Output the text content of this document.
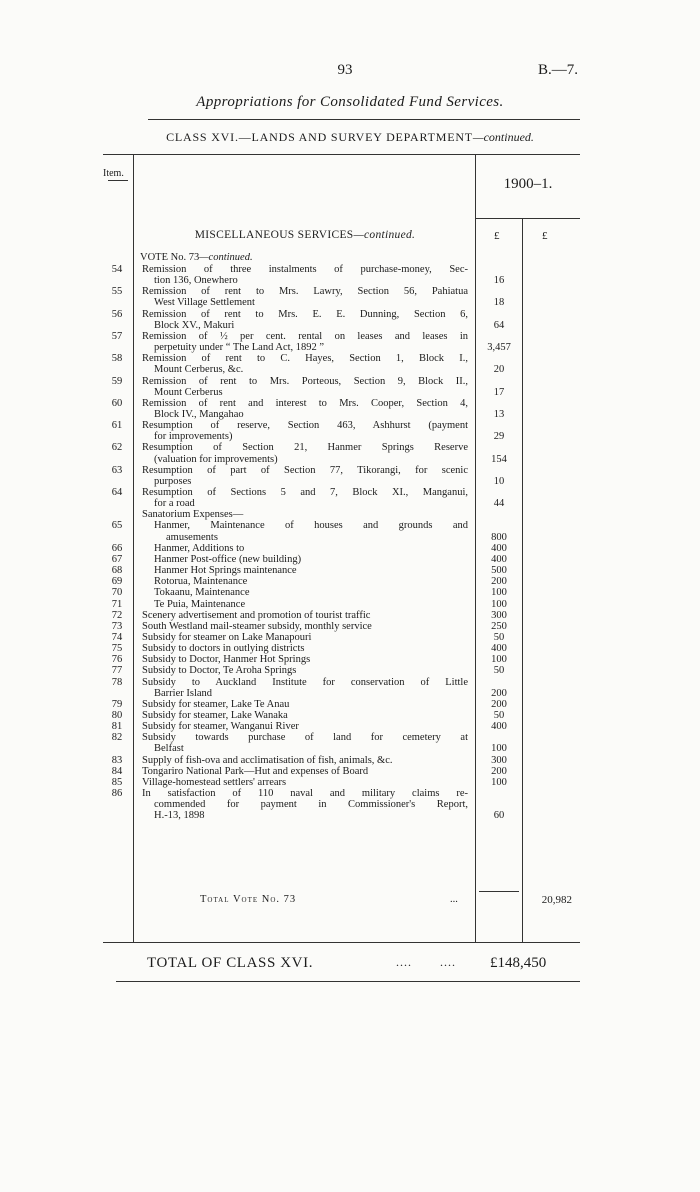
93	B.—7.
Appropriations for Consolidated Fund Services.
CLASS XVI.—LANDS AND SURVEY DEPARTMENT—continued.
Item.
1900–1.
MISCELLANEOUS SERVICES—continued.	£	£
VOTE No. 73—continued.
54	Remission of three instalments of purchase-money, Sec-
tion 136, Onewhero	16
55	Remission of rent to Mrs. Lawry, Section 56, Pahiatua
West Village Settlement	18
56	Remission of rent to Mrs. E. E. Dunning, Section 6,
Block XV., Makuri	64
57	Remission of ½ per cent. rental on leases and leases in
perpetuity under “ The Land Act, 1892 ”	3,457
58	Remission of rent to C. Hayes, Section 1, Block I.,
Mount Cerberus, &c.	20
59	Remission of rent to Mrs. Porteous, Section 9, Block II.,
Mount Cerberus	17
60	Remission of rent and interest to Mrs. Cooper, Section 4,
Block IV., Mangahao	13
61	Resumption of reserve, Section 463, Ashhurst (payment
for improvements)	29
62	Resumption of Section 21, Hanmer Springs Reserve
(valuation for improvements)	154
63	Resumption of part of Section 77, Tikorangi, for scenic
purposes	10
64	Resumption of Sections 5 and 7, Block XI., Manganui,
for a road	44
Sanatorium Expenses—
65	Hanmer, Maintenance of houses and grounds and
amusements	800
66	Hanmer, Additions to	400
67	Hanmer Post-office (new building)	400
68	Hanmer Hot Springs maintenance	500
69	Rotorua, Maintenance	200
70	Tokaanu, Maintenance	100
71	Te Puia, Maintenance	100
72	Scenery advertisement and promotion of tourist traffic	300
73	South Westland mail-steamer subsidy, monthly service	250
74	Subsidy for steamer on Lake Manapouri	50
75	Subsidy to doctors in outlying districts	400
76	Subsidy to Doctor, Hanmer Hot Springs	100
77	Subsidy to Doctor, Te Aroha Springs	50
78	Subsidy to Auckland Institute for conservation of Little
Barrier Island	200
79	Subsidy for steamer, Lake Te Anau	200
80	Subsidy for steamer, Lake Wanaka	50
81	Subsidy for steamer, Wanganui River	400
82	Subsidy towards purchase of land for cemetery at
Belfast	100
83	Supply of fish-ova and acclimatisation of fish, animals, &c.	300
84	Tongariro National Park—Hut and expenses of Board	200
85	Village-homestead settlers' arrears	100
86	In satisfaction of 110 naval and military claims re-
commended for payment in Commissioner's Report,
H.-13, 1898	60
Total Vote No. 73	...	20,982
TOTAL OF CLASS XVI.	....       .... £148,450
